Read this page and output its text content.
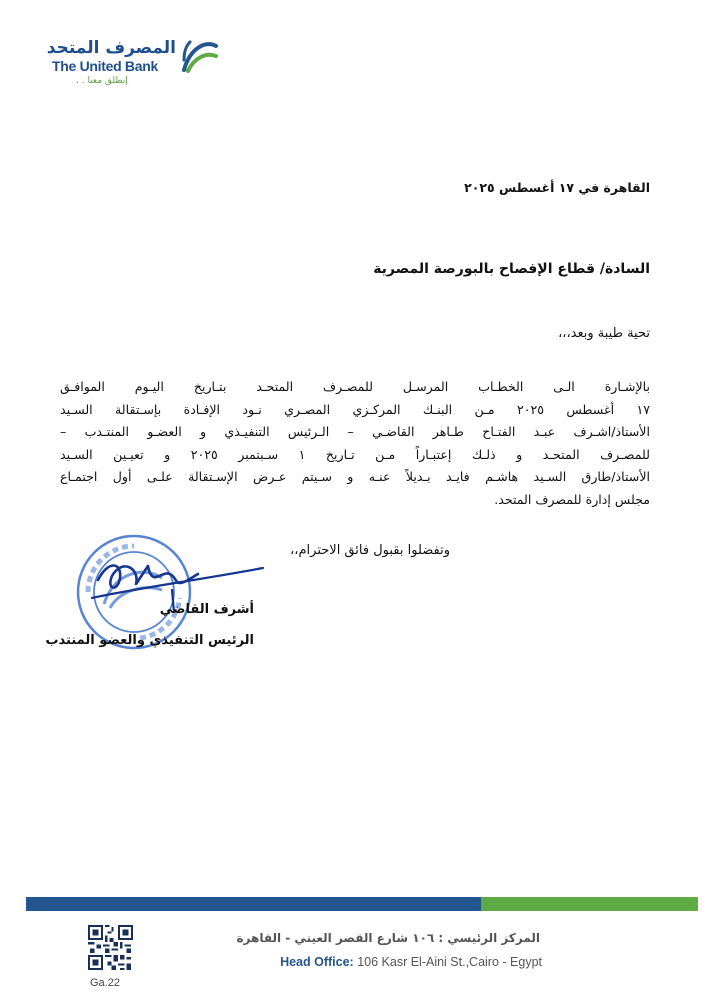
المصرف المتحد
The United Bank
إنطلق معنا . .
القاهرة في ١٧ أغسطس ٢٠٢٥
السادة/ قطاع الإفصاح بالبورصة المصرية
تحية طيبة وبعد،،،
بالإشـارة الـى الخطـاب المرسـل للمصـرف المتحـد بتـاريخ اليـوم الموافـق
١٧ أغسطس ٢٠٢٥ مـن البنـك المركـزي المصـري نـود الإفـادة بإسـتقالة السـيد
الأستاذ/اشـرف عبـد الفتـاح طـاهر القاضـي – الـرئيس التنفيـذي و العضـو المنتـدب –
للمصـرف المتحـد و ذلـك إعتبـاراً مـن تـاريخ ١ سـبتمبر ٢٠٢٥ و تعيـين السـيد
الأستاذ/طارق السـيد هاشـم فايـد بـديلاً عنـه و سـيتم عـرض الإسـتقالة علـى أول اجتمـاع
مجلس إدارة للمصرف المتحد.
وتفضلوا بقبول فائق الاحترام،،
أشرف القاضي
الرئيس التنفيذي والعضو المنتدب
Ga.22
المركز الرئيسي : ١٠٦ شارع القصر العيني - القاهرة
Head Office: 106 Kasr El-Aini St.,Cairo - Egypt
